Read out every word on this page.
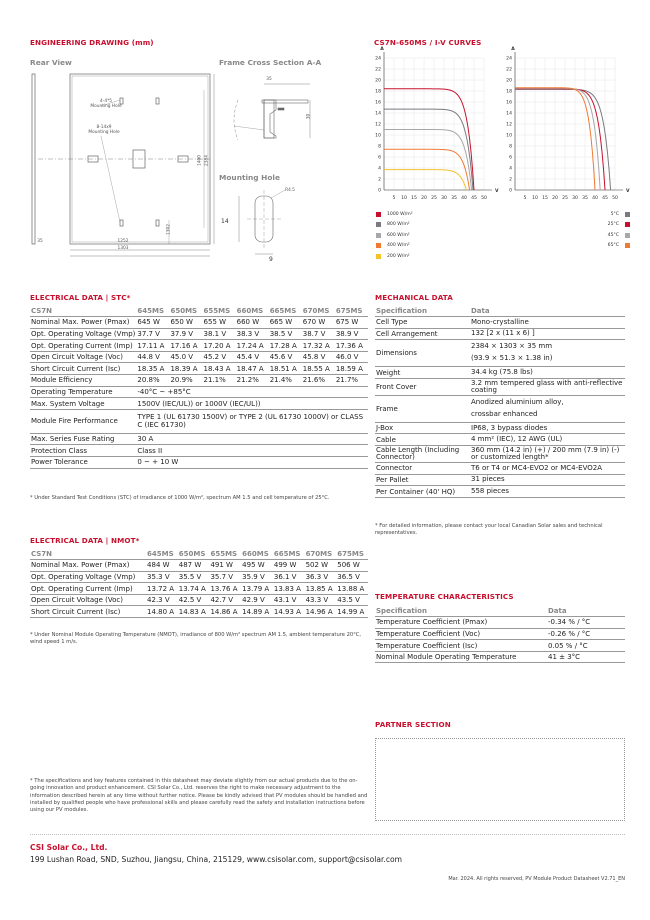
ENGINEERING DRAWING (mm)
Rear View	Frame Cross Section A-A
Mounting Hole
4-4*5
Mounting Hole
8-14x9
Mounting Hole
35	1252
1303
1400 2384
1302
35
30
14
9
R4.5
CS7N-650MS / I-V CURVES
24
22
20
18
16
14
12
10
8
6
4
2
0
5 10 15 20 25 30 35 40 45 50
A
V
24
22
20
18
16
14
12
10
8
6
4
2
0
5 10 15 20 25 30 35 40 45 50
A
V
1000 W/m²
800 W/m²
600 W/m²
400 W/m²
200 W/m²
5°C
25°C
45°C
65°C
ELECTRICAL DATA | STC*
CS7N	645MS	650MS	655MS	660MS	665MS	670MS	675MS
Nominal Max. Power (Pmax)	645 W	650 W	655 W	660 W	665 W	670 W	675 W
Opt. Operating Voltage (Vmp)	37.7 V	37.9 V	38.1 V	38.3 V	38.5 V	38.7 V	38.9 V
Opt. Operating Current (Imp)	17.11 A	17.16 A	17.20 A	17.24 A	17.28 A	17.32 A	17.36 A
Open Circuit Voltage (Voc)	44.8 V	45.0 V	45.2 V	45.4 V	45.6 V	45.8 V	46.0 V
Short Circuit Current (Isc)	18.35 A	18.39 A	18.43 A	18.47 A	18.51 A	18.55 A	18.59 A
Module Efficiency	20.8%	20.9%	21.1%	21.2%	21.4%	21.6%	21.7%
Operating Temperature	-40°C ~ +85°C						
Max. System Voltage	1500V (IEC/UL)) or 1000V (IEC/UL))						
Module Fire Performance	TYPE 1 (UL 61730 1500V) or TYPE 2 (UL 61730 1000V) or CLASS C (IEC 61730)						
Max. Series Fuse Rating	30 A						
Protection Class	Class II						
Power Tolerance	0 ~ + 10 W						
* Under Standard Test Conditions (STC) of irradiance of 1000 W/m², spectrum AM 1.5 and cell temperature of 25°C.
ELECTRICAL DATA | NMOT*
CS7N	645MS	650MS	655MS	660MS	665MS	670MS	675MS
Nominal Max. Power (Pmax)	484 W	487 W	491 W	495 W	499 W	502 W	506 W
Opt. Operating Voltage (Vmp)	35.3 V	35.5 V	35.7 V	35.9 V	36.1 V	36.3 V	36.5 V
Opt. Operating Current (Imp)	13.72 A	13.74 A	13.76 A	13.79 A	13.83 A	13.85 A	13.88 A
Open Circuit Voltage (Voc)	42.3 V	42.5 V	42.7 V	42.9 V	43.1 V	43.3 V	43.5 V
Short Circuit Current (Isc)	14.80 A	14.83 A	14.86 A	14.89 A	14.93 A	14.96 A	14.99 A
* Under Nominal Module Operating Temperature (NMOT), irradiance of 800 W/m² spectrum AM 1.5, ambient temperature 20°C, wind speed 1 m/s.
MECHANICAL DATA
Specification	Data
Cell Type	Mono-crystalline

Cell Arrangement	132 [2 x (11 x 6) ]

Dimensions	2384 × 1303 × 35 mm
(93.9 × 51.3 × 1.38 in)

Weight	34.4 kg (75.8 lbs)

Front Cover	3.2 mm tempered glass with anti-reflective coating

Frame	Anodized aluminium alloy,
crossbar enhanced

J-Box	IP68, 3 bypass diodes

Cable	4 mm² (IEC), 12 AWG (UL)

Cable Length (Including Connector)	360 mm (14.2 in) (+) / 200 mm (7.9 in) (-) or customized length*

Connector	T6 or T4 or MC4-EVO2 or MC4-EVO2A

Per Pallet	31 pieces

Per Container (40' HQ)	558 pieces
* For detailed information, please contact your local Canadian Solar sales and technical representatives.
TEMPERATURE CHARACTERISTICS
Specification	Data
Temperature Coefficient (Pmax)	-0.34 % / °C
Temperature Coefficient (Voc)	-0.26 % / °C
Temperature Coefficient (Isc)	0.05 % / °C
Nominal Module Operating Temperature	41 ± 3°C
PARTNER SECTION
* The specifications and key features contained in this datasheet may deviate slightly from our actual products due to the on-going innovation and product enhancement. CSI Solar Co., Ltd. reserves the right to make necessary adjustment to the information described herein at any time without further notice. Please be kindly advised that PV modules should be handled and installed by qualified people who have professional skills and please carefully read the safety and installation instructions before using our PV modules.
CSI Solar Co., Ltd.
199 Lushan Road, SND, Suzhou, Jiangsu, China, 215129, www.csisolar.com, support@csisolar.com
Mar. 2024. All rights reserved, PV Module Product Datasheet V2.71_EN
